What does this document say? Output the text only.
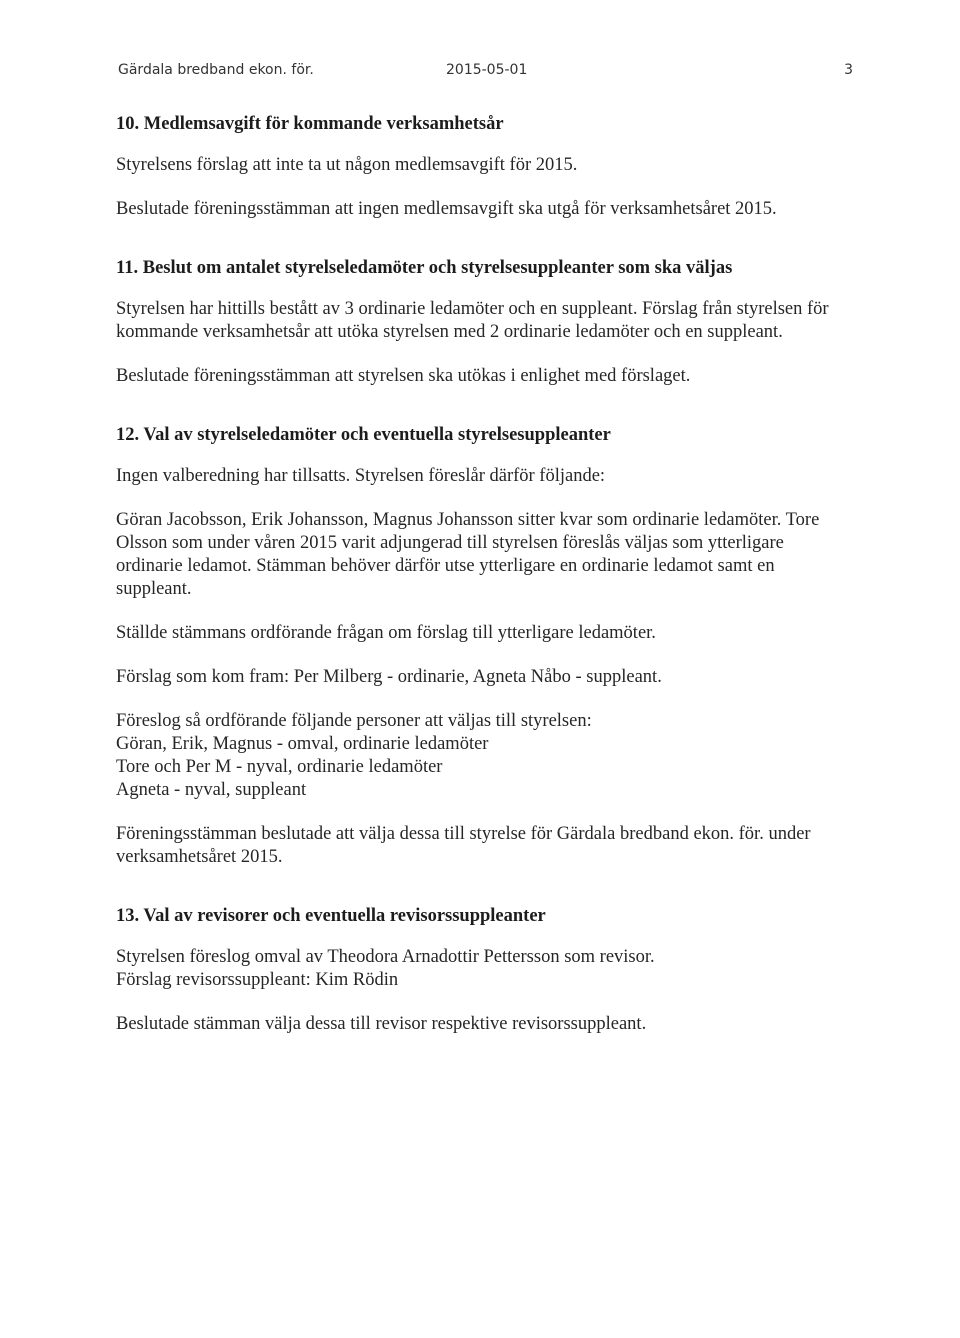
Gärdala bredband ekon. för.	2015-05-01	3
10. Medlemsavgift för kommande verksamhetsår

Styrelsens förslag att inte ta ut någon medlemsavgift för 2015.

Beslutade föreningsstämman att ingen medlemsavgift ska utgå för verksamhetsåret 2015.

11. Beslut om antalet styrelseledamöter och styrelsesuppleanter som ska väljas

Styrelsen har hittills bestått av 3 ordinarie ledamöter och en suppleant. Förslag från styrelsen för kommande verksamhetsår att utöka styrelsen med 2 ordinarie ledamöter och en suppleant.

Beslutade föreningsstämman att styrelsen ska utökas i enlighet med förslaget.

12. Val av styrelseledamöter och eventuella styrelsesuppleanter

Ingen valberedning har tillsatts. Styrelsen föreslår därför följande:

Göran Jacobsson, Erik Johansson, Magnus Johansson sitter kvar som ordinarie ledamöter. Tore Olsson som under våren 2015 varit adjungerad till styrelsen föreslås väljas som ytterligare ordinarie ledamot. Stämman behöver därför utse ytterligare en ordinarie ledamot samt en suppleant.

Ställde stämmans ordförande frågan om förslag till ytterligare ledamöter.

Förslag som kom fram: Per Milberg - ordinarie, Agneta Nåbo - suppleant.

Föreslog så ordförande följande personer att väljas till styrelsen:

Göran, Erik, Magnus - omval, ordinarie ledamöter

Tore och Per M - nyval, ordinarie ledamöter

Agneta - nyval, suppleant

Föreningsstämman beslutade att välja dessa till styrelse för Gärdala bredband ekon. för. under verksamhetsåret 2015.

13. Val av revisorer och eventuella revisorssuppleanter

Styrelsen föreslog omval av Theodora Arnadottir Pettersson som revisor.

Förslag revisorssuppleant: Kim Rödin

Beslutade stämman välja dessa till revisor respektive revisorssuppleant.
